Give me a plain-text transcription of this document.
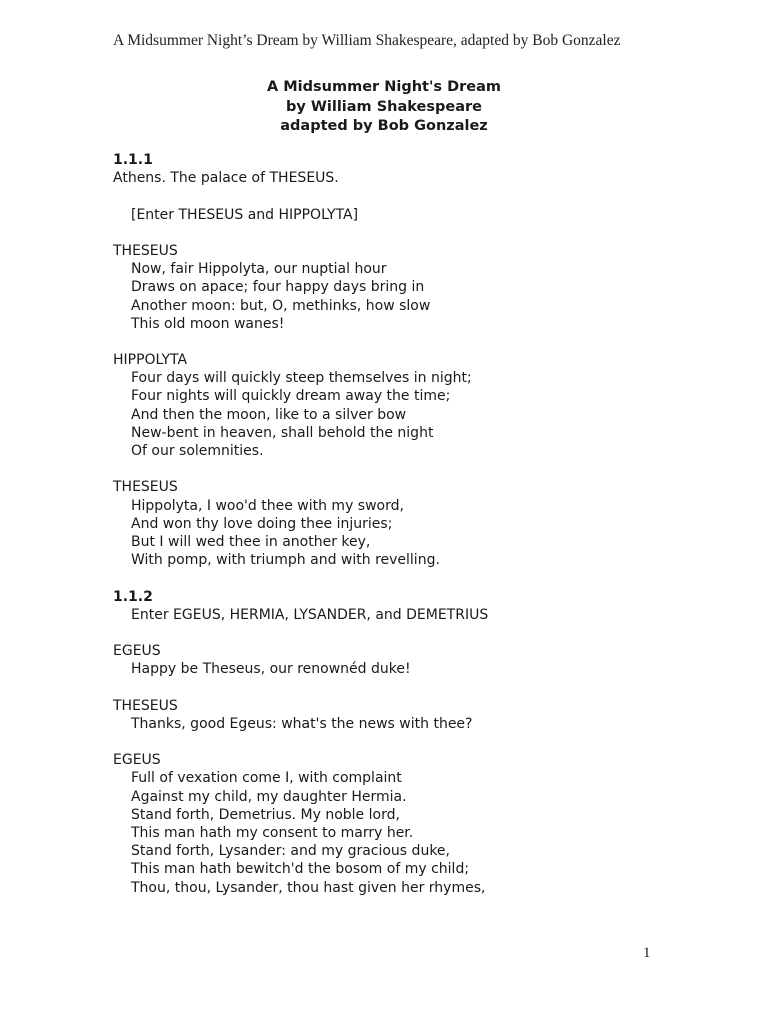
A Midsummer Night’s Dream by William Shakespeare, adapted by Bob Gonzalez
A Midsummer Night's Dream
by William Shakespeare
adapted by Bob Gonzalez
1.1.1
Athens. The palace of THESEUS.
[Enter THESEUS and HIPPOLYTA]
THESEUS
Now, fair Hippolyta, our nuptial hour
Draws on apace; four happy days bring in
Another moon: but, O, methinks, how slow
This old moon wanes!
HIPPOLYTA
Four days will quickly steep themselves in night;
Four nights will quickly dream away the time;
And then the moon, like to a silver bow
New-bent in heaven, shall behold the night
Of our solemnities.
THESEUS
Hippolyta, I woo'd thee with my sword,
And won thy love doing thee injuries;
But I will wed thee in another key,
With pomp, with triumph and with revelling.
1.1.2
Enter EGEUS, HERMIA, LYSANDER, and DEMETRIUS
EGEUS
Happy be Theseus, our renownéd duke!
THESEUS
Thanks, good Egeus: what's the news with thee?
EGEUS
Full of vexation come I, with complaint
Against my child, my daughter Hermia.
Stand forth, Demetrius. My noble lord,
This man hath my consent to marry her.
Stand forth, Lysander: and my gracious duke,
This man hath bewitch'd the bosom of my child;
Thou, thou, Lysander, thou hast given her rhymes,
1
